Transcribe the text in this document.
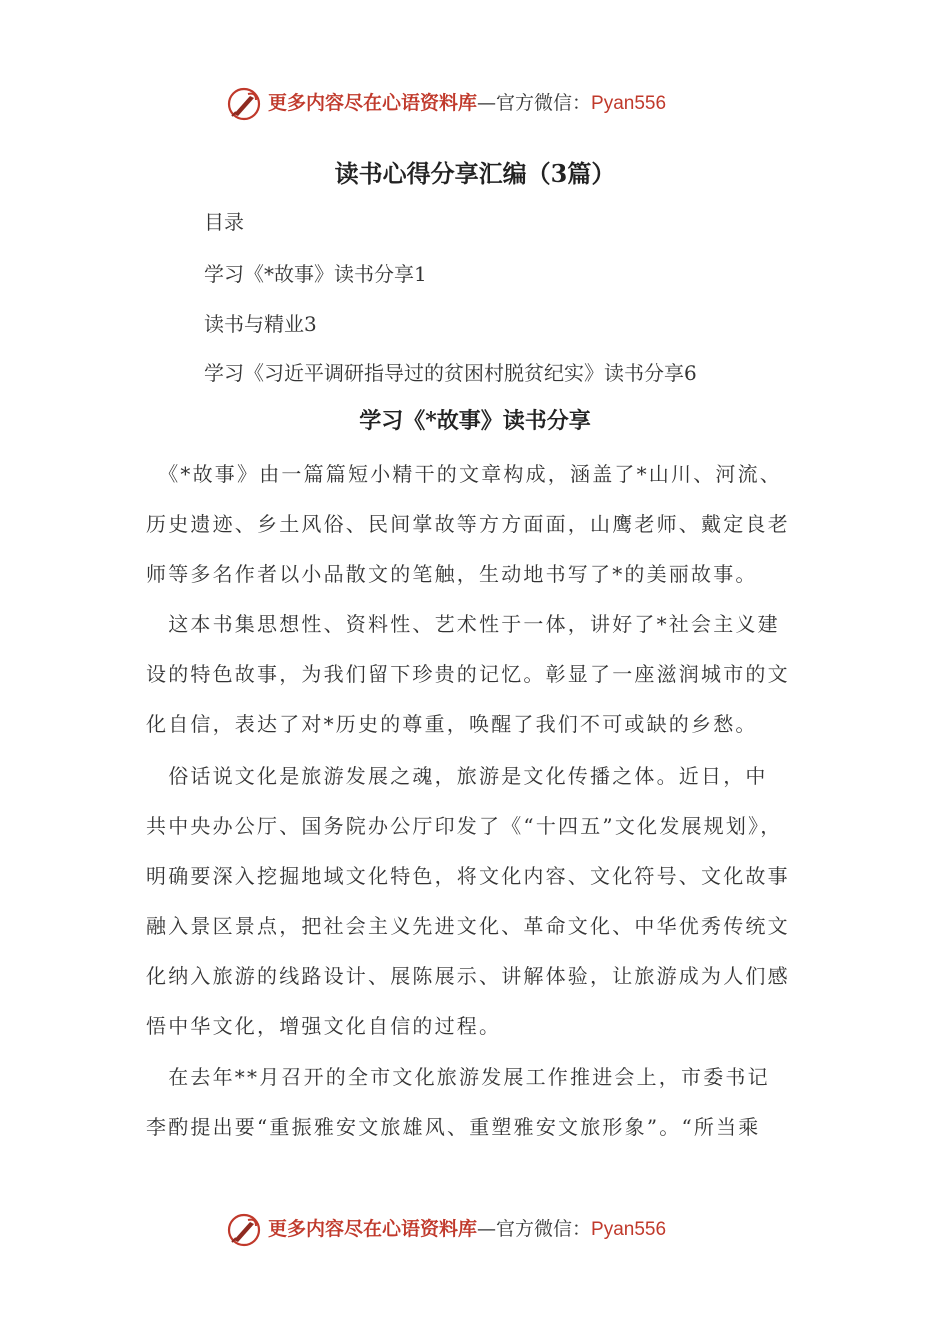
更多内容尽在心语资料库—官方微信：Pyan556
读书心得分享汇编（3篇）
目录
学习《*故事》读书分享1
读书与精业3
学习《习近平调研指导过的贫困村脱贫纪实》读书分享6
学习《*故事》读书分享
　《*故事》由一篇篇短小精干的文章构成，涵盖了*山川、河流、
历史遗迹、乡土风俗、民间掌故等方方面面，山鹰老师、戴定良老
师等多名作者以小品散文的笔触，生动地书写了*的美丽故事。
　这本书集思想性、资料性、艺术性于一体，讲好了*社会主义建
设的特色故事，为我们留下珍贵的记忆。彰显了一座滋润城市的文
化自信，表达了对*历史的尊重，唤醒了我们不可或缺的乡愁。
　俗话说文化是旅游发展之魂，旅游是文化传播之体。近日，中
共中央办公厅、国务院办公厅印发了《“十四五”文化发展规划》，
明确要深入挖掘地域文化特色，将文化内容、文化符号、文化故事
融入景区景点，把社会主义先进文化、革命文化、中华优秀传统文
化纳入旅游的线路设计、展陈展示、讲解体验，让旅游成为人们感
悟中华文化，增强文化自信的过程。
　在去年**月召开的全市文化旅游发展工作推进会上，市委书记
李酌提出要“重振雅安文旅雄风、重塑雅安文旅形象”。“所当乘
更多内容尽在心语资料库—官方微信：Pyan556
